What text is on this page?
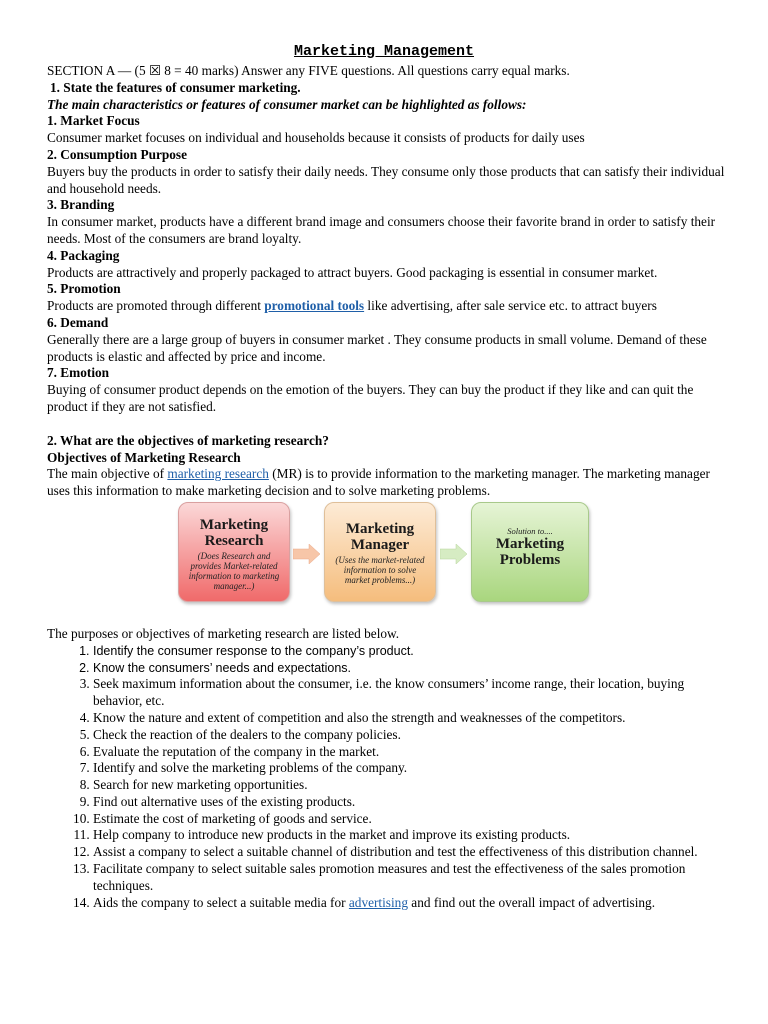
Marketing Management

SECTION A — (5 ☒ 8 = 40 marks) Answer any FIVE questions. All questions carry equal marks.

1. State the features of consumer marketing.

The main characteristics or features of consumer market can be highlighted as follows:

1. Market Focus

Consumer market focuses on individual and households because it consists of products for daily uses

2. Consumption Purpose

Buyers buy the products in order to satisfy their daily needs. They consume only those products that can satisfy their individual and household needs.

3. Branding

In consumer market, products have a different brand image and consumers choose their favorite brand in order to satisfy their needs. Most of the consumers are brand loyalty.

4. Packaging

Products are attractively and properly packaged to attract buyers. Good packaging is essential in consumer market.

5. Promotion

Products are promoted through different promotional tools like advertising, after sale service etc. to attract buyers

6. Demand

Generally there are a large group of buyers in consumer market . They consume products in small volume. Demand of these products is elastic and affected by price and income.

7. Emotion

Buying of consumer product depends on the emotion of the buyers. They can buy the product if they like and can quit the product if they are not satisfied.

2. What are the objectives of marketing research?

Objectives of Marketing Research

The main objective of marketing research (MR) is to provide information to the marketing manager. The marketing manager uses this information to make marketing decision and to solve marketing problems.

Marketing Research
(Does Research and provides Market-related information to marketing manager...)
Marketing Manager
(Uses the market-related information to solve market problems...)
Solution to....
Marketing Problems

The purposes or objectives of marketing research are listed below.

1. Identify the consumer response to the company’s product.
2. Know the consumers’ needs and expectations.
3. Seek maximum information about the consumer, i.e. the know consumers’ income range, their location, buying behavior, etc.
4. Know the nature and extent of competition and also the strength and weaknesses of the competitors.
5. Check the reaction of the dealers to the company policies.
6. Evaluate the reputation of the company in the market.
7. Identify and solve the marketing problems of the company.
8. Search for new marketing opportunities.
9. Find out alternative uses of the existing products.
10. Estimate the cost of marketing of goods and service.
11. Help company to introduce new products in the market and improve its existing products.
12. Assist a company to select a suitable channel of distribution and test the effectiveness of this distribution channel.
13. Facilitate company to select suitable sales promotion measures and test the effectiveness of the sales promotion techniques.
14. Aids the company to select a suitable media for advertising and find out the overall impact of advertising.
